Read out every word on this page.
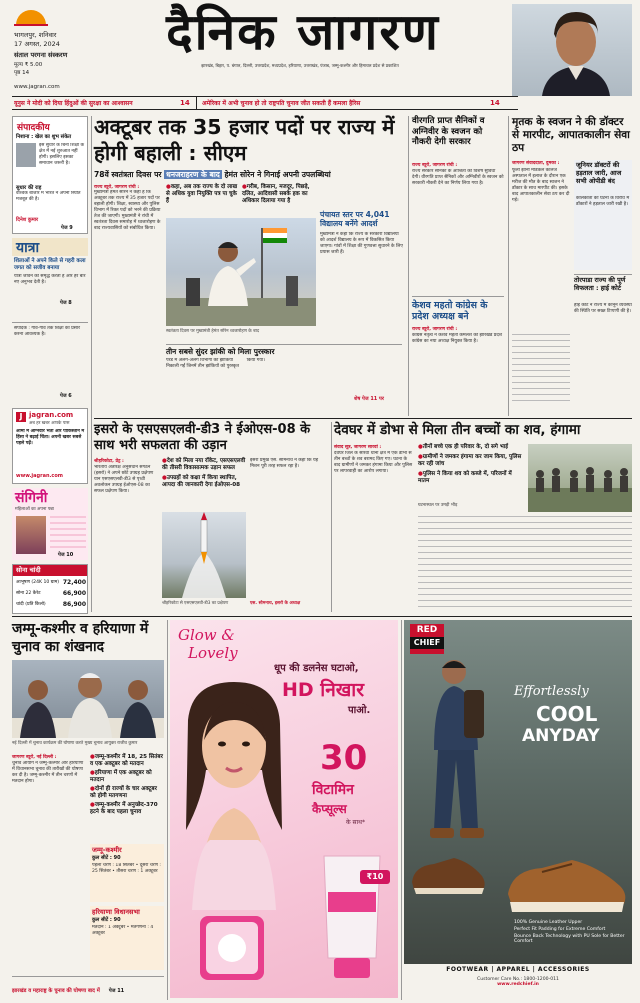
भागलपुर, शनिवार
17 अगस्त, 2024
संताल परगना संस्करण
मूल्य ₹ 5.00
पृष्ठ 14
दैनिक जागरण
झारखंड, बिहार, प. बंगाल, दिल्ली, उत्तरप्रदेश, मध्यप्रदेश, हरियाणा, उत्तराखंड, पंजाब, जम्मू-कश्मीर और हिमाचल प्रदेश से प्रकाशित
www.jagran.com
यूनुस ने मोदी को दिया हिंदुओं की सुरक्षा का आश्वासन	14 अमेरिका में अभी चुनाव हो तो राष्ट्रपति चुनाव जीत सकती हैं कमला हैरिस	14
संपादकीय
निशाना : खेल का शुभ संकेत
इस सुधार के बिना शिक्षा के क्षेत्र में नई शुरुआत नहीं होगी। इसलिए इसका समाधान जरूरी है।
सुधार की राह
वैश्विक बाजार में भारत ने अपनी स्थिति मजबूत की है।
दिनेश कुमार
पेज 9
यात्रा
शिलाओं ने अपने किले से गहरी कला जगत को सजीव बनाया
यात्रा जीवन को समृद्ध करती है और हर बार नए अनुभव देती है।
पेज 8
संपादक : गांव-गांव तक शिक्षा का प्रसार करना आवश्यक है।
पेज 6
J jagran.com
अब हर खबर आपके पास
आर्मी में अग्निवीर भर्ती और पाकिस्तान में हिंसा ने बढ़ाई चिंता। अपनी खबर सबसे पहले पढ़ें।
www.jagran.com
संगिनी
महिलाओं का अपना पन्ना
पेज 10
सोना चांदी
आभूषण (24K 10 ग्राम) 72,400
सोना 22 कैरेट	66,900
चांदी (प्रति किलो)	86,900
अक्टूबर तक 35 हजार पदों पर राज्य में होगी बहाली : सीएम
78वें स्वतंत्रता दिवस पर धनजराहरण के बाद हेमंत सोरेन ने गिनाई अपनी उपलब्धियां
राज्य ब्यूरो, जागरण रांची :
मुख्यमंत्री हेमंत सोरेन ने कहा है कि अक्टूबर तक राज्य में 35 हजार पदों पर बहाली होगी। शिक्षा, स्वास्थ्य और पुलिस विभाग में रिक्त पदों को भरने की प्रक्रिया तेज की जाएगी। मुख्यमंत्री ने रांची में स्वतंत्रता दिवस समारोह में ध्वजारोहण के बाद राज्यवासियों को संबोधित किया।
● कहा, अब तक राज्य के दो लाख से अधिक युवा नियुक्ति पत्र पा चुके हैं
● गरीब, किसान, मजदूर, पिछड़े, दलित, आदिवासी सबके हक का अधिकार दिलाया गया है
पंचायत स्तर पर 4,041 विद्यालय बनेंगे आदर्श
मुख्यमंत्री ने कहा कि राज्य के सरकारी विद्यालयों को आदर्श विद्यालय के रूप में विकसित किया जाएगा। गांवों में शिक्षा की गुणवत्ता सुधारने के लिए प्रयास जारी हैं।
स्वतंत्रता दिवस पर मुख्यमंत्री हेमंत सोरेन ध्वजारोहण के बाद
तीन सबसे सुंदर झांकी को मिला पुरस्कार
परेड में अलग-अलग विभागों की झांकियां निकाली गईं जिनमें तीन झांकियों को पुरस्कृत किया गया।
शेष पेज 11 पर
वीरगति प्राप्त सैनिकों व अग्निवीर के स्वजन को नौकरी देगी सरकार
राज्य ब्यूरो, जागरण रांची :
राज्य सरकार सैनिकों के आश्रितों को विशेष सुविधा देगी। वीरगति प्राप्त सैनिकों और अग्निवीरों के स्वजन को सरकारी नौकरी देने का निर्णय लिया गया है।
केशव महतो कांग्रेस के प्रदेश अध्यक्ष बने
राज्य ब्यूरो, जागरण रांची :
कांग्रेस नेतृत्व ने केशव महतो कमलेश को झारखंड प्रदेश कांग्रेस का नया अध्यक्ष नियुक्त किया है।
मृतक के स्वजन ने की डॉक्टर से मारपीट, आपातकालीन सेवा ठप
जागरण संवाददाता, दुमका :
फूलो झानो मेडिकल कॉलेज अस्पताल में इलाज के दौरान एक मरीज की मौत के बाद स्वजन ने डॉक्टर के साथ मारपीट की। इसके बाद आपातकालीन सेवा ठप कर दी गई।
जूनियर डॉक्टरों की हड़ताल जारी, आज सभी ओपीडी बंद
कोलकाता की घटना के विरोध में डॉक्टरों ने हड़ताल जारी रखी है।
तोरपाडा राज्य की पूर्ण विफलता : हाई कोर्ट
हाई कोर्ट ने राज्य में कानून व्यवस्था की स्थिति पर सख्त टिप्पणी की है।
इसरो के एसएसएलवी-डी3 ने ईओएस-08 के साथ भरी सफलता की उड़ान
श्रीहरिकोटा, प्रेट्र :
भारतीय अंतरिक्ष अनुसंधान संगठन (इसरो) ने अपने छोटे उपग्रह प्रक्षेपण यान एसएसएलवी-डी3 से पृथ्वी अवलोकन उपग्रह ईओएस-08 का सफल प्रक्षेपण किया।
● देश को मिला नया रॉकेट, एसएसएलवी की तीसरी विकासात्मक उड़ान सफल
● उपग्रहों को कक्षा में किया स्थापित, आपदा की जानकारी देगा ईओएस-08
श्रीहरिकोटा से एसएसएलवी-डी3 का प्रक्षेपण
इसरो प्रमुख एस. सोमनाथ ने कहा कि यह मिशन पूरी तरह सफल रहा है।
एस. सोमनाथ, इसरो के अध्यक्ष
देवघर में डोभा से मिला तीन बच्चों का शव, हंगामा
संवाद सूत्र, जागरण सारवां :
देवघर जिले के सारवां थाना क्षेत्र में एक डोभा से तीन बच्चों के शव बरामद किए गए। घटना के बाद ग्रामीणों ने जमकर हंगामा किया और पुलिस पर लापरवाही का आरोप लगाया।
● तीनों बच्चे एक ही परिवार के, दो सगे भाई
● ग्रामीणों ने जमकर हंगामा कर जाम किया, पुलिस कर रही जांच
● पुलिस ने किया शव को कब्जे में, परिजनों में मातम
घटनास्थल पर उमड़ी भीड़
जम्मू-कश्मीर व हरियाणा में चुनाव का शंखनाद
नई दिल्ली में चुनाव कार्यक्रम की घोषणा करते मुख्य चुनाव आयुक्त राजीव कुमार
जागरण ब्यूरो, नई दिल्ली :
चुनाव आयोग ने जम्मू-कश्मीर और हरियाणा में विधानसभा चुनाव की तारीखों की घोषणा कर दी है। जम्मू-कश्मीर में तीन चरणों में मतदान होगा।
● जम्मू-कश्मीर में 18, 25 सितंबर व एक अक्टूबर को मतदान
● हरियाणा में एक अक्टूबर को मतदान
● दोनों ही राज्यों के चार अक्टूबर को होगी मतगणना
● जम्मू-कश्मीर में अनुच्छेद-370 हटने के बाद पहला चुनाव
जम्मू-कश्मीर
कुल सीटें : 90
पहला चरण : 18 सितंबर • दूसरा चरण : 25 सितंबर • तीसरा चरण : 1 अक्टूबर
हरियाणा विधानसभा
कुल सीटें : 90
मतदान : 1 अक्टूबर • मतगणना : 4 अक्टूबर
झारखंड व महाराष्ट्र के चुनाव की घोषणा बाद में पेज 11
Glow &
Lovely
धूप की डलनेस घटाओ,
HD निखार
पाओ.
30
विटामिन
कैप्सूल्स
के साथ*
₹10
RED
CHIEF
Effortlessly
COOL
ANYDAY
100% Genuine Leather Upper
Perfect Fit Padding for Extreme Comfort
Bounce Back Technology with PU Sole for Better Comfort
FOOTWEAR | APPAREL | ACCESSORIES
Customer Care No.: 1800-1200-011
www.redchief.in
